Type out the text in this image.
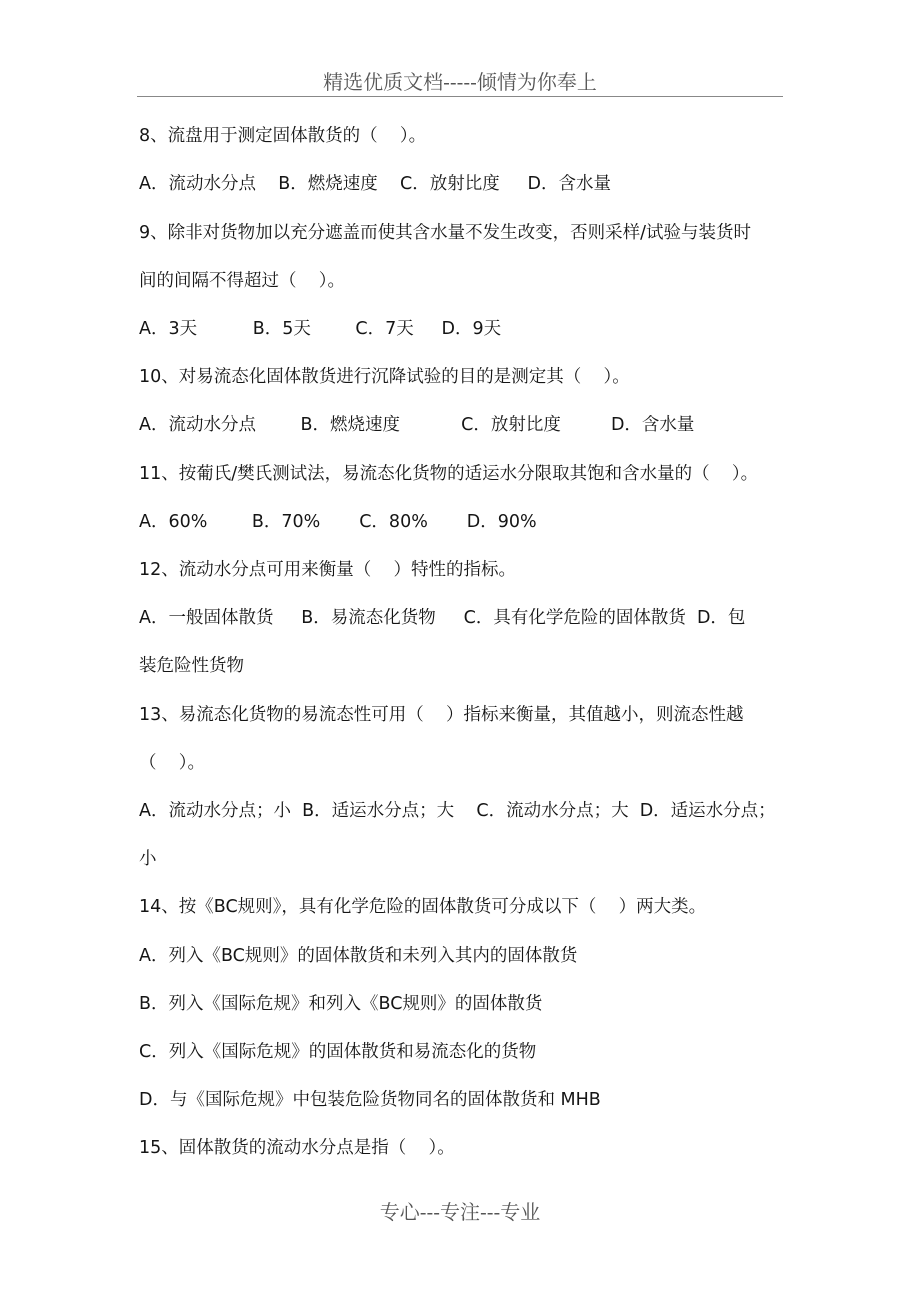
精选优质文档-----倾情为你奉上
8、流盘用于测定固体散货的（    ）。
A．流动水分点    B．燃烧速度    C．放射比度     D．含水量
9、除非对货物加以充分遮盖而使其含水量不发生改变，否则采样/试验与装货时
间的间隔不得超过（    ）。
A．3天          B．5天        C．7天     D．9天
10、对易流态化固体散货进行沉降试验的目的是测定其（    ）。
A．流动水分点        B．燃烧速度           C．放射比度         D．含水量
11、按葡氏/樊氏测试法，易流态化货物的适运水分限取其饱和含水量的（    ）。
A．60%        B．70%       C．80%       D．90%
12、流动水分点可用来衡量（    ）特性的指标。
A．一般固体散货     B．易流态化货物     C．具有化学危险的固体散货  D．包
装危险性货物
13、易流态化货物的易流态性可用（    ）指标来衡量，其值越小，则流态性越
（    ）。
A．流动水分点；小  B．适运水分点；大    C．流动水分点；大  D．适运水分点；
小
14、按《BC规则》，具有化学危险的固体散货可分成以下（    ）两大类。
A．列入《BC规则》的固体散货和未列入其内的固体散货
B．列入《国际危规》和列入《BC规则》的固体散货
C．列入《国际危规》的固体散货和易流态化的货物
D．与《国际危规》中包装危险货物同名的固体散货和 MHB
15、固体散货的流动水分点是指（    ）。
专心---专注---专业
